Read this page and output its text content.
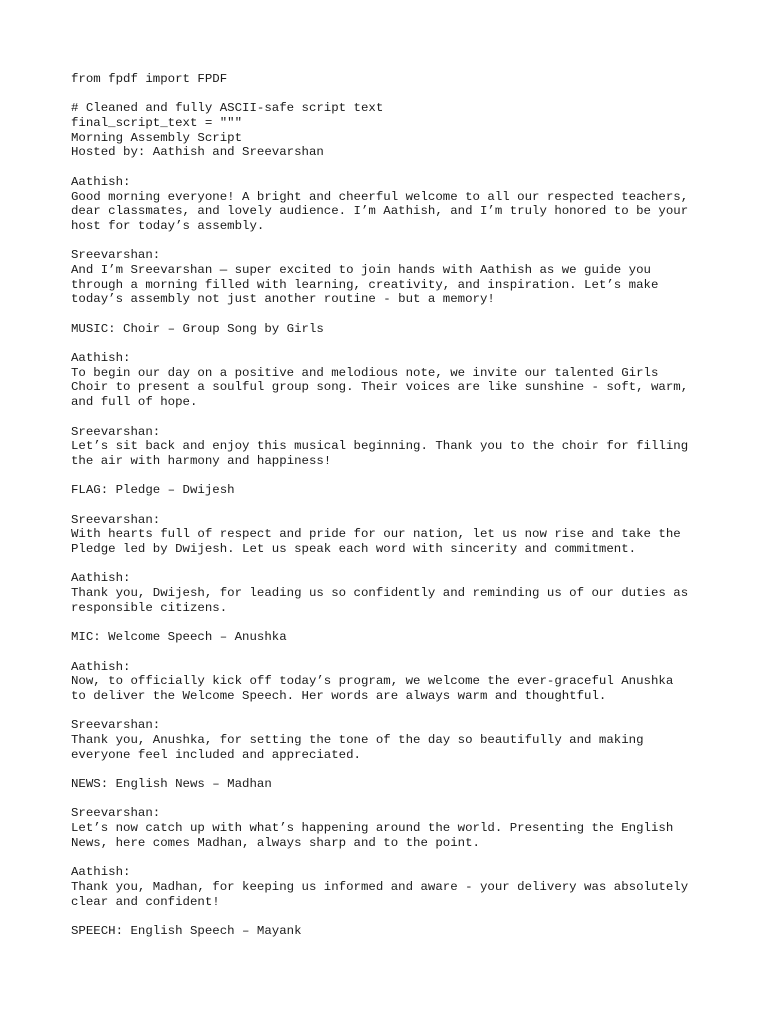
from fpdf import FPDF
# Cleaned and fully ASCII-safe script text
final_script_text = """
Morning Assembly Script
Hosted by: Aathish and Sreevarshan
Aathish:
Good morning everyone! A bright and cheerful welcome to all our respected teachers,
dear classmates, and lovely audience. I’m Aathish, and I’m truly honored to be your
host for today’s assembly.
Sreevarshan:
And I’m Sreevarshan — super excited to join hands with Aathish as we guide you
through a morning filled with learning, creativity, and inspiration. Let’s make
today’s assembly not just another routine - but a memory!
MUSIC: Choir – Group Song by Girls
Aathish:
To begin our day on a positive and melodious note, we invite our talented Girls
Choir to present a soulful group song. Their voices are like sunshine - soft, warm,
and full of hope.
Sreevarshan:
Let’s sit back and enjoy this musical beginning. Thank you to the choir for filling
the air with harmony and happiness!
FLAG: Pledge – Dwijesh
Sreevarshan:
With hearts full of respect and pride for our nation, let us now rise and take the
Pledge led by Dwijesh. Let us speak each word with sincerity and commitment.
Aathish:
Thank you, Dwijesh, for leading us so confidently and reminding us of our duties as
responsible citizens.
MIC: Welcome Speech – Anushka
Aathish:
Now, to officially kick off today’s program, we welcome the ever-graceful Anushka
to deliver the Welcome Speech. Her words are always warm and thoughtful.
Sreevarshan:
Thank you, Anushka, for setting the tone of the day so beautifully and making
everyone feel included and appreciated.
NEWS: English News – Madhan
Sreevarshan:
Let’s now catch up with what’s happening around the world. Presenting the English
News, here comes Madhan, always sharp and to the point.
Aathish:
Thank you, Madhan, for keeping us informed and aware - your delivery was absolutely
clear and confident!
SPEECH: English Speech – Mayank
